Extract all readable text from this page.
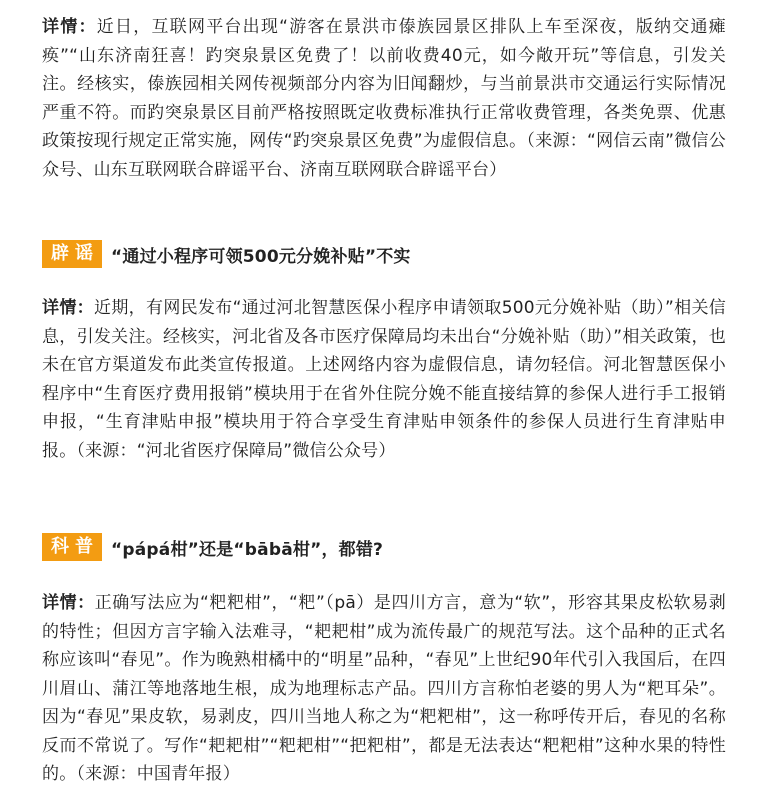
详情：近日，互联网平台出现“游客在景洪市傣族园景区排队上车至深夜，版纳交通瘫痪”“山东济南狂喜！趵突泉景区免费了！以前收费40元，如今敞开玩”等信息，引发关注。经核实，傣族园相关网传视频部分内容为旧闻翻炒，与当前景洪市交通运行实际情况严重不符。而趵突泉景区目前严格按照既定收费标准执行正常收费管理，各类免票、优惠政策按现行规定正常实施，网传“趵突泉景区免费”为虚假信息。（来源：“网信云南”微信公众号、山东互联网联合辟谣平台、济南互联网联合辟谣平台）

辟谣 “通过小程序可领500元分娩补贴”不实

详情：近期，有网民发布“通过河北智慧医保小程序申请领取500元分娩补贴（助）”相关信息，引发关注。经核实，河北省及各市医疗保障局均未出台“分娩补贴（助）”相关政策，也未在官方渠道发布此类宣传报道。上述网络内容为虚假信息，请勿轻信。河北智慧医保小程序中“生育医疗费用报销”模块用于在省外住院分娩不能直接结算的参保人进行手工报销申报，“生育津贴申报”模块用于符合享受生育津贴申领条件的参保人员进行生育津贴申报。（来源：“河北省医疗保障局”微信公众号）

科普 “pápá柑”还是“bābā柑”，都错?

详情：正确写法应为“粑粑柑”，“粑”（pā）是四川方言，意为“软”，形容其果皮松软易剥的特性；但因方言字输入法难寻，“耙耙柑”成为流传最广的规范写法。这个品种的正式名称应该叫“春见”。作为晚熟柑橘中的“明星”品种，“春见”上世纪90年代引入我国后，在四川眉山、蒲江等地落地生根，成为地理标志产品。四川方言称怕老婆的男人为“粑耳朵”。因为“春见”果皮软，易剥皮，四川当地人称之为“粑粑柑”，这一称呼传开后，春见的名称反而不常说了。写作“耙耙柑”“粑耙柑”“把粑柑”，都是无法表达“粑粑柑”这种水果的特性的。（来源：中国青年报）
